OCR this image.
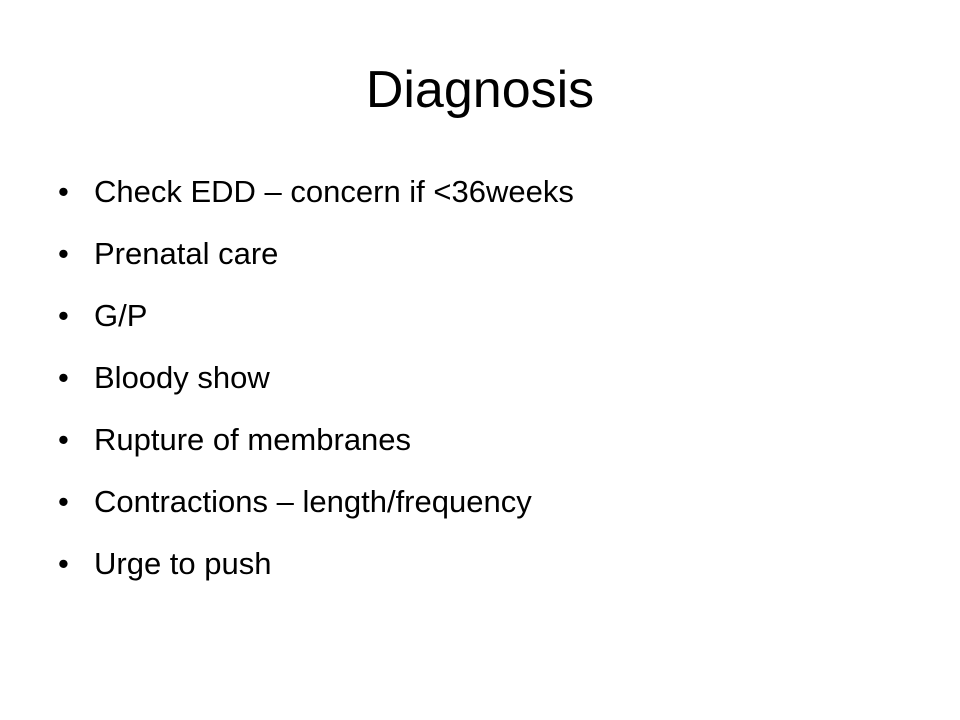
Diagnosis
• Check EDD – concern if <36weeks
• Prenatal care
• G/P
• Bloody show
• Rupture of membranes
• Contractions – length/frequency
• Urge to push
